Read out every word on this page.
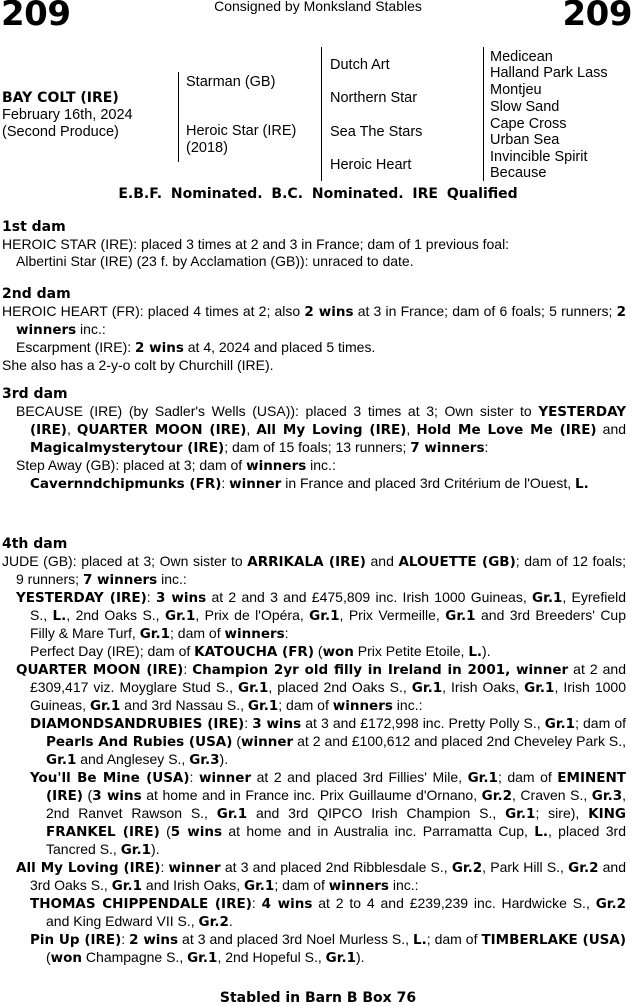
209	Consigned by Monksland Stables	209
BAY COLT (IRE)
February 16th, 2024
(Second Produce)
Starman (GB)
Heroic Star (IRE)
(2018)
Dutch Art
Northern Star
Sea The Stars
Heroic Heart
Medicean
Halland Park Lass
Montjeu
Slow Sand
Cape Cross
Urban Sea
Invincible Spirit
Because
E.B.F. Nominated. B.C. Nominated. IRE Qualified
1st dam
HEROIC STAR (IRE): placed 3 times at 2 and 3 in France; dam of 1 previous foal:
Albertini Star (IRE) (23 f. by Acclamation (GB)): unraced to date.
2nd dam
HEROIC HEART (FR): placed 4 times at 2; also 2 wins at 3 in France; dam of 6 foals; 5 runners; 2 winners inc.:
Escarpment (IRE): 2 wins at 4, 2024 and placed 5 times.
She also has a 2-y-o colt by Churchill (IRE).
3rd dam
BECAUSE (IRE) (by Sadler's Wells (USA)): placed 3 times at 3; Own sister to YESTERDAY (IRE), QUARTER MOON (IRE), All My Loving (IRE), Hold Me Love Me (IRE) and Magicalmysterytour (IRE); dam of 15 foals; 13 runners; 7 winners:
Step Away (GB): placed at 3; dam of winners inc.:
Cavernndchipmunks (FR): winner in France and placed 3rd Critérium de l'Ouest, L.
4th dam
JUDE (GB): placed at 3; Own sister to ARRIKALA (IRE) and ALOUETTE (GB); dam of 12 foals; 9 runners; 7 winners inc.:
YESTERDAY (IRE): 3 wins at 2 and 3 and £475,809 inc. Irish 1000 Guineas, Gr.1, Eyrefield S., L., 2nd Oaks S., Gr.1, Prix de l'Opéra, Gr.1, Prix Vermeille, Gr.1 and 3rd Breeders' Cup Filly & Mare Turf, Gr.1; dam of winners:
Perfect Day (IRE); dam of KATOUCHA (FR) (won Prix Petite Etoile, L.).
QUARTER MOON (IRE): Champion 2yr old filly in Ireland in 2001, winner at 2 and £309,417 viz. Moyglare Stud S., Gr.1, placed 2nd Oaks S., Gr.1, Irish Oaks, Gr.1, Irish 1000 Guineas, Gr.1 and 3rd Nassau S., Gr.1; dam of winners inc.:
DIAMONDSANDRUBIES (IRE): 3 wins at 3 and £172,998 inc. Pretty Polly S., Gr.1; dam of Pearls And Rubies (USA) (winner at 2 and £100,612 and placed 2nd Cheveley Park S., Gr.1 and Anglesey S., Gr.3).
You'll Be Mine (USA): winner at 2 and placed 3rd Fillies' Mile, Gr.1; dam of EMINENT (IRE) (3 wins at home and in France inc. Prix Guillaume d'Ornano, Gr.2, Craven S., Gr.3, 2nd Ranvet Rawson S., Gr.1 and 3rd QIPCO Irish Champion S., Gr.1; sire), KING FRANKEL (IRE) (5 wins at home and in Australia inc. Parramatta Cup, L., placed 3rd Tancred S., Gr.1).
All My Loving (IRE): winner at 3 and placed 2nd Ribblesdale S., Gr.2, Park Hill S., Gr.2 and 3rd Oaks S., Gr.1 and Irish Oaks, Gr.1; dam of winners inc.:
THOMAS CHIPPENDALE (IRE): 4 wins at 2 to 4 and £239,239 inc. Hardwicke S., Gr.2 and King Edward VII S., Gr.2.
Pin Up (IRE): 2 wins at 3 and placed 3rd Noel Murless S., L.; dam of TIMBERLAKE (USA) (won Champagne S., Gr.1, 2nd Hopeful S., Gr.1).
Stabled in Barn B Box 76
